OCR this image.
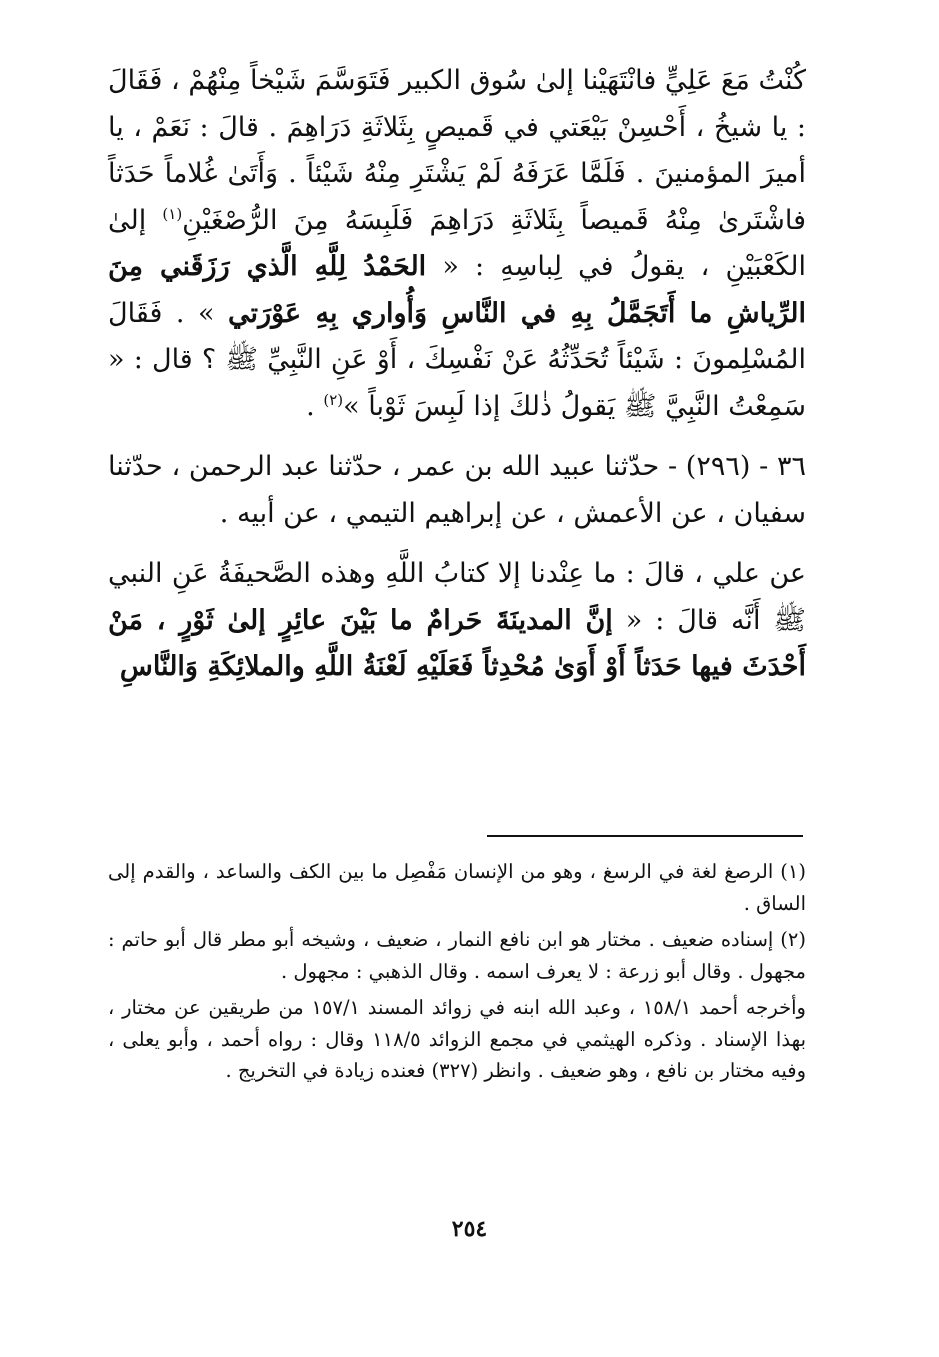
كُنْتُ مَعَ عَلِيٍّ فانْتَهَيْنا إلىٰ سُوق الكبير فَتَوَسَّمَ شَيْخاً مِنْهُمْ ، فَقَالَ : يا شيخُ ، أَحْسِنْ بَيْعَتي في قَميصٍ بِثَلاثَةِ دَرَاهِمَ . قالَ : نَعَمْ ، يا أميرَ المؤمنينَ . فَلَمَّا عَرَفَهُ لَمْ يَشْتَرِ مِنْهُ شَيْئاً . وَأَتَىٰ غُلاماً حَدَثاً فاشْتَرىٰ مِنْهُ قَميصاً بِثَلاثَةِ دَرَاهِمَ فَلَبِسَهُ مِنَ الرُّصْغَيْنِ$^{(١)}$ إلىٰ الكَعْبَيْنِ ، يقولُ في لِباسِهِ : « الحَمْدُ لِلَّهِ الَّذي رَزَقَني مِنَ الرِّياشِ ما أَتَجَمَّلُ بِهِ في النَّاسِ وَأُواري بِهِ عَوْرَتي » . فَقَالَ المُسْلِمونَ : شَيْئاً تُحَدِّثُهُ عَنْ نَفْسِكَ ، أَوْ عَنِ النَّبِيِّ ﷺ ؟ قال : « سَمِعْتُ النَّبِيَّ ﷺ يَقولُ ذٰلكَ إذا لَبِسَ ثَوْباً »$^{(٢)}$ .

٣٦ - (٢٩٦) - حدّثنا عبيد الله بن عمر ، حدّثنا عبد الرحمن ، حدّثنا سفيان ، عن الأعمش ، عن إبراهيم التيمي ، عن أبيه .

عن علي ، قالَ : ما عِنْدنا إلا كتابُ اللَّهِ وهذه الصَّحيفَةُ عَنِ النبي ﷺ أَنَّه قالَ : « إنَّ المدينَةَ حَرامٌ ما بَيْنَ عائِرٍ إلىٰ ثَوْرٍ ، مَنْ أَحْدَثَ فيها حَدَثاً أَوْ أَوَىٰ مُحْدِثاً فَعَلَيْهِ لَعْنَةُ اللَّهِ والملائِكَةِ وَالنَّاسِ

(١) الرصغ لغة في الرسغ ، وهو من الإنسان مَفْصِل ما بين الكف والساعد ، والقدم إلى الساق .

(٢) إسناده ضعيف . مختار هو ابن نافع النمار ، ضعيف ، وشيخه أبو مطر قال أبو حاتم : مجهول . وقال أبو زرعة : لا يعرف اسمه . وقال الذهبي : مجهول .

وأخرجه أحمد ١٥٨/١ ، وعبد الله ابنه في زوائد المسند ١٥٧/١ من طريقين عن مختار ، بهذا الإسناد . وذكره الهيثمي في مجمع الزوائد ١١٨/٥ وقال : رواه أحمد ، وأبو يعلى ، وفيه مختار بن نافع ، وهو ضعيف . وانظر (٣٢٧) فعنده زيادة في التخريج .

٢٥٤
